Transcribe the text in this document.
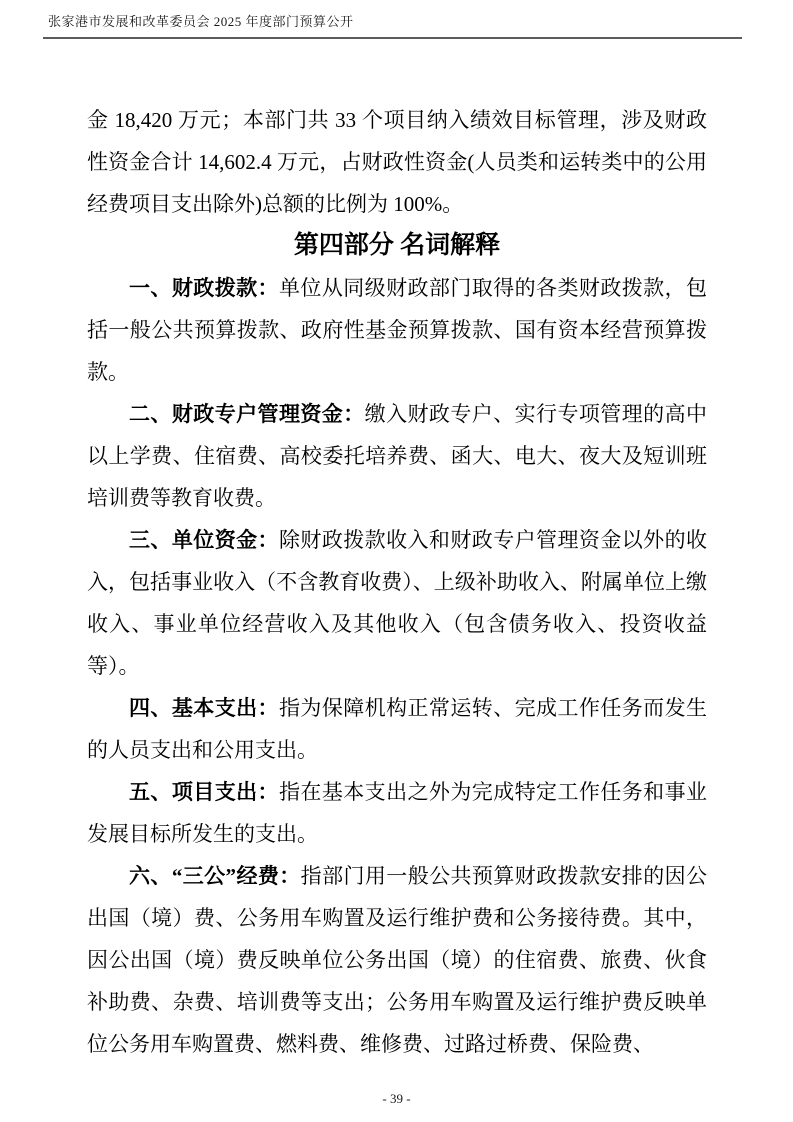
张家港市发展和改革委员会 2025 年度部门预算公开

金 18,420 万元；本部门共 33 个项目纳入绩效目标管理，涉及财政性资金合计 14,602.4 万元，占财政性资金(人员类和运转类中的公用经费项目支出除外)总额的比例为 100%。

第四部分 名词解释

一、财政拨款：单位从同级财政部门取得的各类财政拨款，包括一般公共预算拨款、政府性基金预算拨款、国有资本经营预算拨款。

二、财政专户管理资金：缴入财政专户、实行专项管理的高中以上学费、住宿费、高校委托培养费、函大、电大、夜大及短训班培训费等教育收费。

三、单位资金：除财政拨款收入和财政专户管理资金以外的收入，包括事业收入（不含教育收费）、上级补助收入、附属单位上缴收入、事业单位经营收入及其他收入（包含债务收入、投资收益等）。

四、基本支出：指为保障机构正常运转、完成工作任务而发生的人员支出和公用支出。

五、项目支出：指在基本支出之外为完成特定工作任务和事业发展目标所发生的支出。

六、“三公”经费：指部门用一般公共预算财政拨款安排的因公出国（境）费、公务用车购置及运行维护费和公务接待费。其中，因公出国（境）费反映单位公务出国（境）的住宿费、旅费、伙食补助费、杂费、培训费等支出；公务用车购置及运行维护费反映单位公务用车购置费、燃料费、维修费、过路过桥费、保险费、

- 39 -
